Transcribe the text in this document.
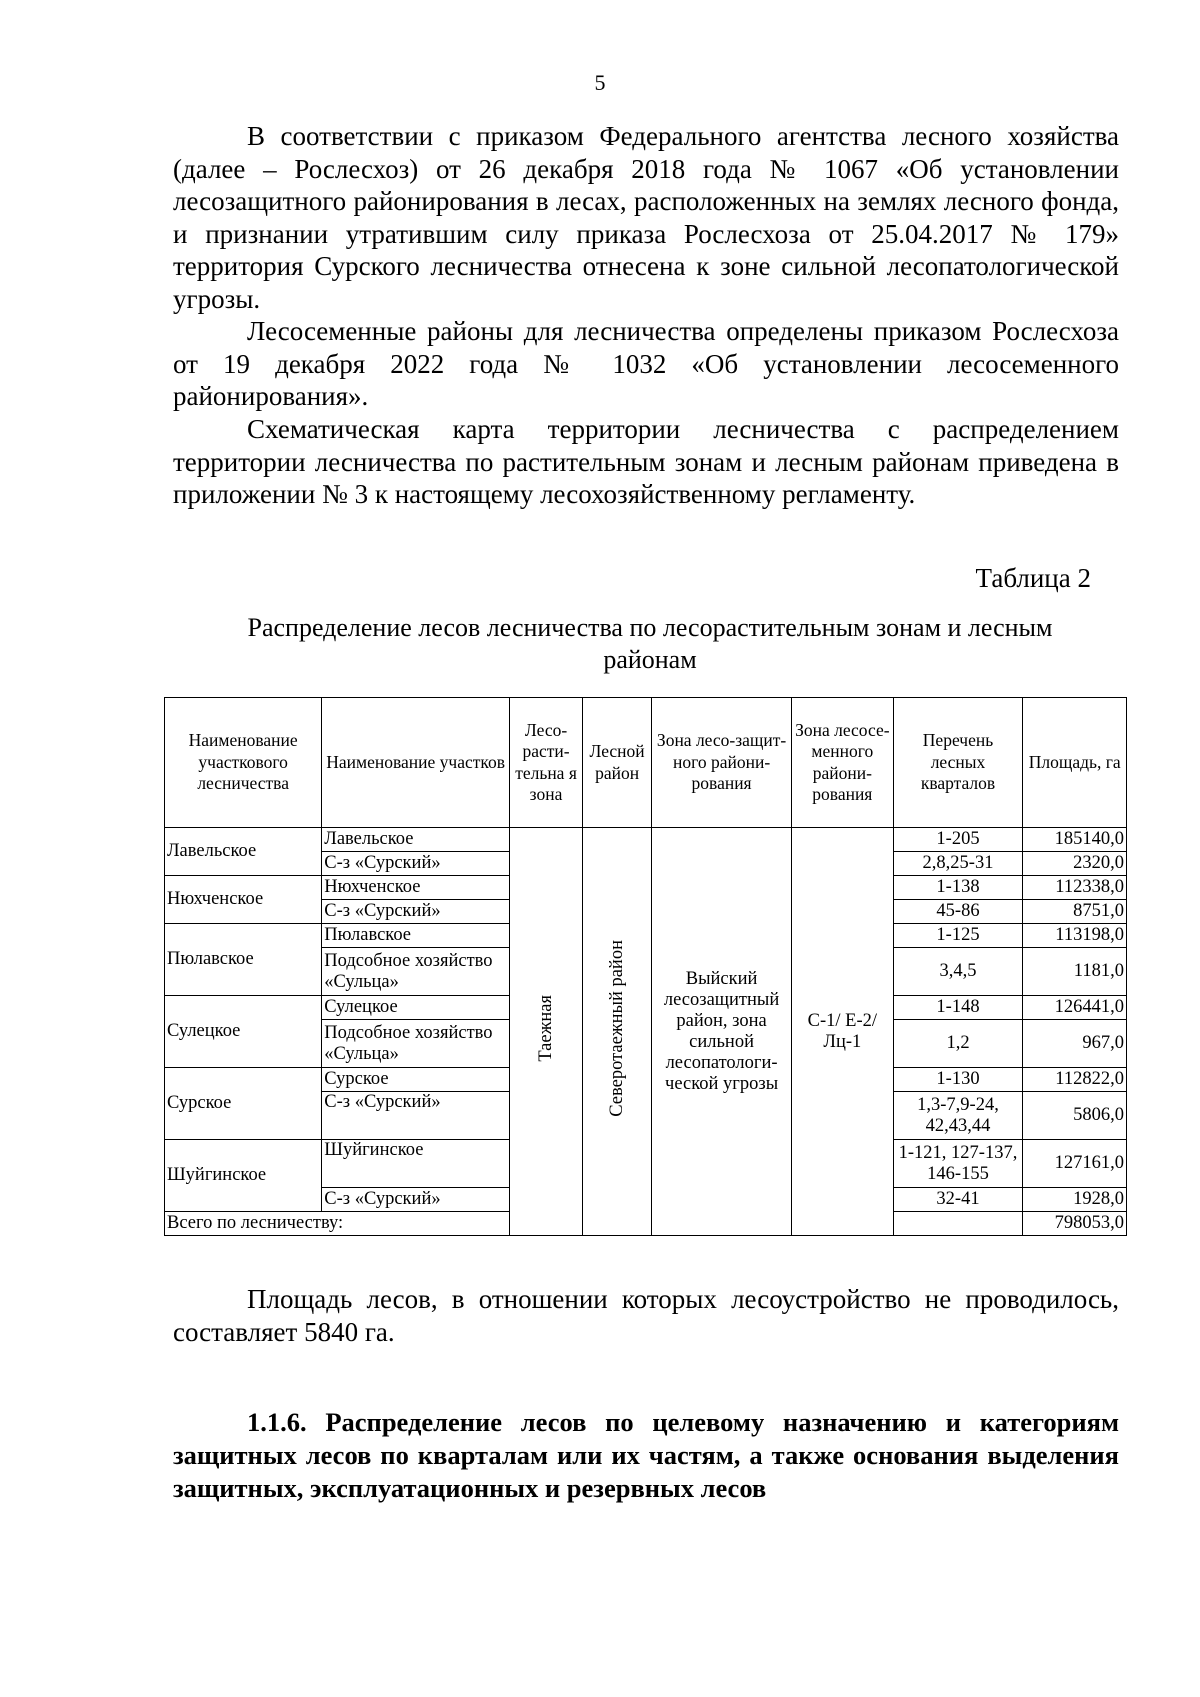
5

В соответствии с приказом Федерального агентства лесного хозяйства (далее – Рослесхоз) от 26 декабря 2018 года № 1067 «Об установлении лесозащитного районирования в лесах, расположенных на землях лесного фонда, и признании утратившим силу приказа Рослесхоза от 25.04.2017 № 179» территория Сурского лесничества отнесена к зоне сильной лесопатологической угрозы.

Лесосеменные районы для лесничества определены приказом Рослесхоза от 19 декабря 2022 года № 1032 «Об установлении лесосеменного районирования».

Схематическая карта территории лесничества с распределением территории лесничества по растительным зонам и лесным районам приведена в приложении № 3 к настоящему лесохозяйственному регламенту.

Таблица 2
Распределение лесов лесничества по лесорастительным зонам и лесным районам
Наименование участкового лесничества	Наименование участков	Лесо-расти-тельна я зона	Лесной район	Зона лесо-защит-ного райони-рования	Зона лесосе-менного райони-рования	Перечень лесных кварталов	Площадь, га
Лавельское	Лавельское	Таежная	Северотаежный район	Выйский лесозащитный район, зона сильной лесопатологи-ческой угрозы	С-1/ Е-2/ Лц-1	1-205	185140,0
	С-з «Сурский»					2,8,25-31	2320,0
Нюхченское	Нюхченское					1-138	112338,0
	С-з «Сурский»					45-86	8751,0
Пюлавское	Пюлавское					1-125	113198,0
	Подсобное хозяйство «Сульца»					3,4,5	1181,0
Сулецкое	Сулецкое					1-148	126441,0
	Подсобное хозяйство «Сульца»					1,2	967,0
Сурское	Сурское					1-130	112822,0
	С-з «Сурский»					1,3-7,9-24, 42,43,44	5806,0
Шуйгинское	Шуйгинское					1-121, 127-137, 146-155	127161,0
	С-з «Сурский»					32-41	1928,0
Всего по лесничеству:							798053,0

Площадь лесов, в отношении которых лесоустройство не проводилось, составляет 5840 га.

1.1.6. Распределение лесов по целевому назначению и категориям защитных лесов по кварталам или их частям, а также основания выделения защитных, эксплуатационных и резервных лесов
